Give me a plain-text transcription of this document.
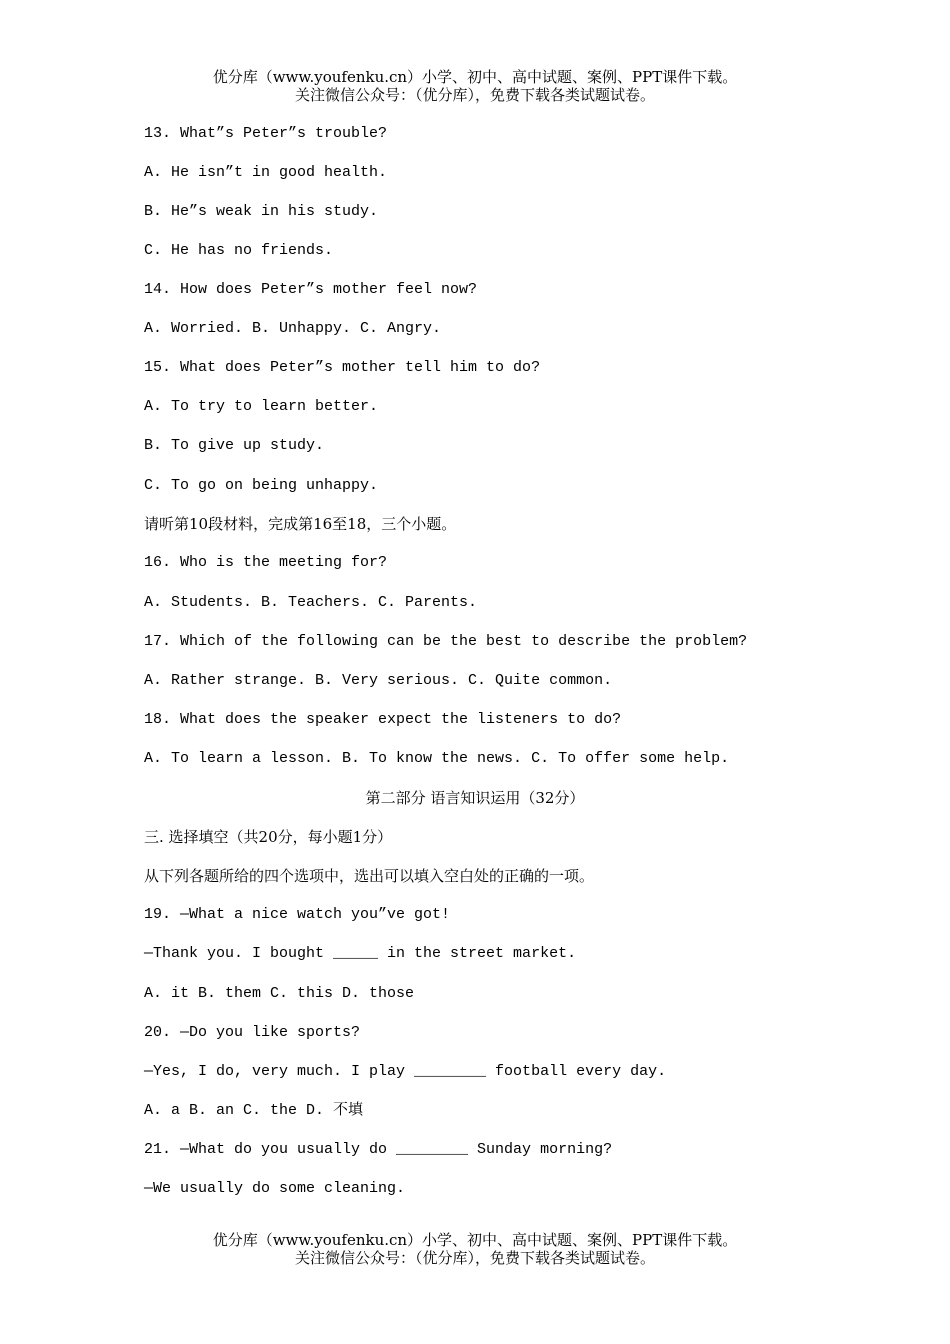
优分库（www.youfenku.cn）小学、初中、高中试题、案例、PPT课件下载。
关注微信公众号：（优分库），免费下载各类试题试卷。
13. What”s Peter”s trouble?
A. He isn”t in good health.
B. He”s weak in his study.
C. He has no friends.
14. How does Peter”s mother feel now?
A. Worried. B. Unhappy. C. Angry.
15. What does Peter”s mother tell him to do?
A. To try to learn better.
B. To give up study.
C. To go on being unhappy.
请听第10段材料，完成第16至18，三个小题。
16. Who is the meeting for?
A. Students. B. Teachers. C. Parents.
17. Which of the following can be the best to describe the problem?
A. Rather strange. B. Very serious. C. Quite common.
18. What does the speaker expect the listeners to do?
A. To learn a lesson. B. To know the news. C. To offer some help.
第二部分 语言知识运用（32分）
三. 选择填空（共20分，每小题1分）
从下列各题所给的四个选项中，选出可以填入空白处的正确的一项。
19. —What a nice watch you”ve got!
—Thank you. I bought _____ in the street market.
A. it B. them C. this D. those
20. —Do you like sports?
—Yes, I do, very much. I play ________ football every day.
A. a B. an C. the D. 不填
21. —What do you usually do ________ Sunday morning?
—We usually do some cleaning.
优分库（www.youfenku.cn）小学、初中、高中试题、案例、PPT课件下载。
关注微信公众号：（优分库），免费下载各类试题试卷。
